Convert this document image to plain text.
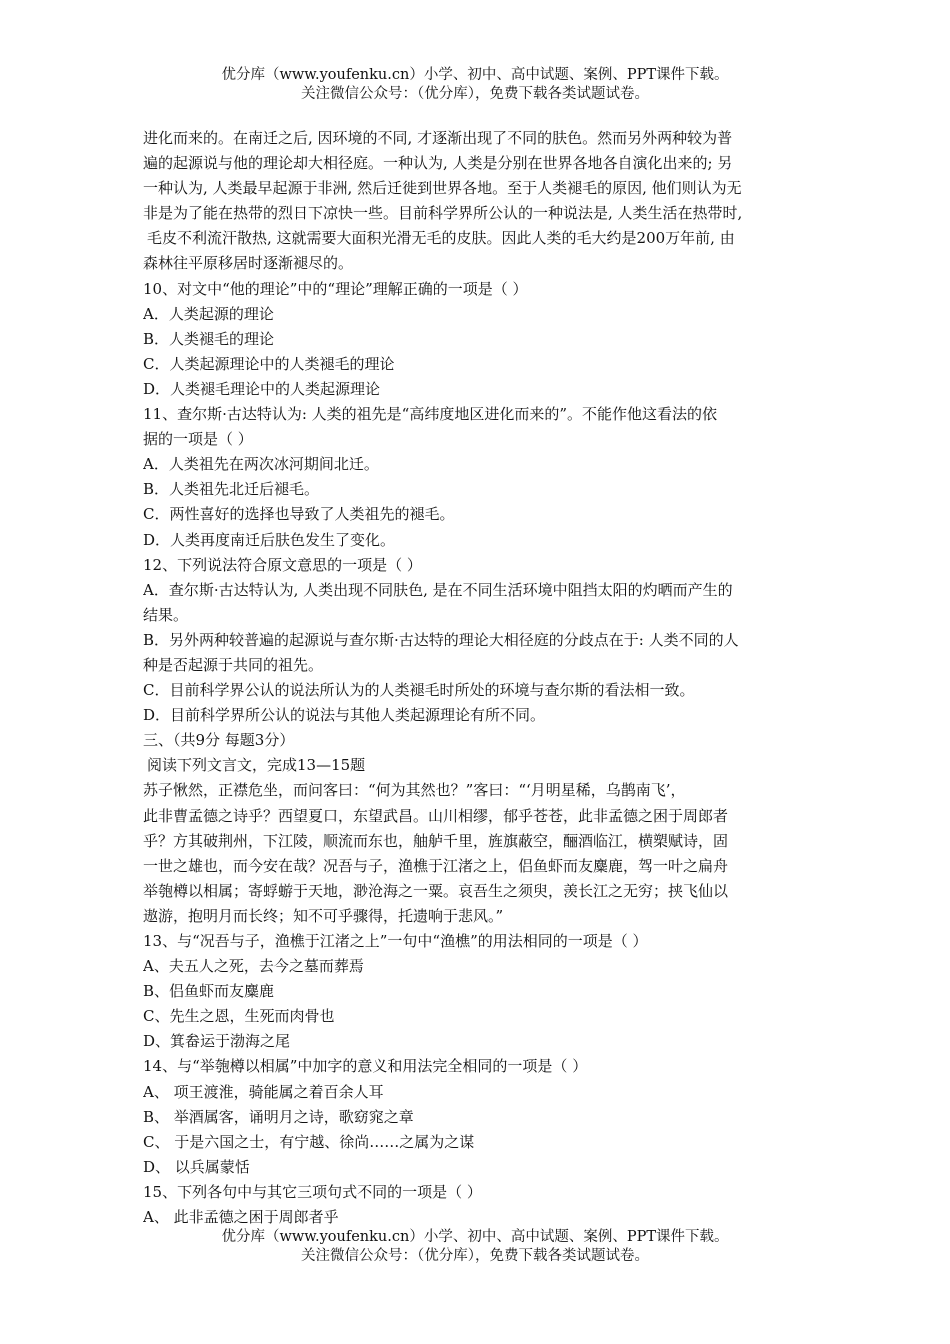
优分库（www.youfenku.cn）小学、初中、高中试题、案例、PPT课件下载。
关注微信公众号：（优分库），免费下载各类试题试卷。

进化而来的。在南迁之后, 因环境的不同, 才逐渐出现了不同的肤色。然而另外两种较为普

遍的起源说与他的理论却大相径庭。一种认为, 人类是分别在世界各地各自演化出来的; 另

一种认为, 人类最早起源于非洲, 然后迁徙到世界各地。至于人类褪毛的原因, 他们则认为无

非是为了能在热带的烈日下凉快一些。目前科学界所公认的一种说法是, 人类生活在热带时,

毛皮不利流汗散热, 这就需要大面积光滑无毛的皮肤。因此人类的毛大约是200万年前, 由

森林往平原移居时逐渐褪尽的。

10、对文中“他的理论”中的“理论”理解正确的一项是（ ）

A．人类起源的理论

B．人类褪毛的理论

C．人类起源理论中的人类褪毛的理论

D．人类褪毛理论中的人类起源理论

11、查尔斯·古达特认为: 人类的祖先是“高纬度地区进化而来的”。不能作他这看法的依

据的一项是（ ）

A．人类祖先在两次冰河期间北迁。

B．人类祖先北迁后褪毛。

C．两性喜好的选择也导致了人类祖先的褪毛。

D．人类再度南迁后肤色发生了变化。

12、下列说法符合原文意思的一项是（ ）

A．查尔斯·古达特认为, 人类出现不同肤色, 是在不同生活环境中阻挡太阳的灼晒而产生的

结果。

B．另外两种较普遍的起源说与查尔斯·古达特的理论大相径庭的分歧点在于: 人类不同的人

种是否起源于共同的祖先。

C．目前科学界公认的说法所认为的人类褪毛时所处的环境与查尔斯的看法相一致。

D．目前科学界所公认的说法与其他人类起源理论有所不同。

三、（共9分 每题3分）

阅读下列文言文，完成13—15题

苏子愀然，正襟危坐，而问客曰：“何为其然也？”客曰：“‘月明星稀，乌鹊南飞’，

此非曹孟德之诗乎？西望夏口，东望武昌。山川相缪，郁乎苍苍，此非孟德之困于周郎者

乎？方其破荆州，下江陵，顺流而东也，舳舻千里，旌旗蔽空，酾酒临江，横槊赋诗，固

一世之雄也，而今安在哉？况吾与子，渔樵于江渚之上，侣鱼虾而友麋鹿，驾一叶之扁舟

举匏樽以相属；寄蜉蝣于天地，渺沧海之一粟。哀吾生之须臾，羡长江之无穷；挟飞仙以

遨游，抱明月而长终；知不可乎骤得，托遗响于悲风。”

13、与“况吾与子，渔樵于江渚之上”一句中“渔樵”的用法相同的一项是（ ）

A、夫五人之死，去今之墓而葬焉

B、侣鱼虾而友麋鹿

C、先生之恩，生死而肉骨也

D、箕畚运于渤海之尾

14、与“举匏樽以相属”中加字的意义和用法完全相同的一项是（ ）

A、 项王渡淮，骑能属之着百余人耳

B、 举酒属客，诵明月之诗，歌窈窕之章

C、 于是六国之士，有宁越、徐尚……之属为之谋

D、 以兵属蒙恬

15、下列各句中与其它三项句式不同的一项是（ ）

A、 此非孟德之困于周郎者乎

优分库（www.youfenku.cn）小学、初中、高中试题、案例、PPT课件下载。
关注微信公众号：（优分库），免费下载各类试题试卷。
